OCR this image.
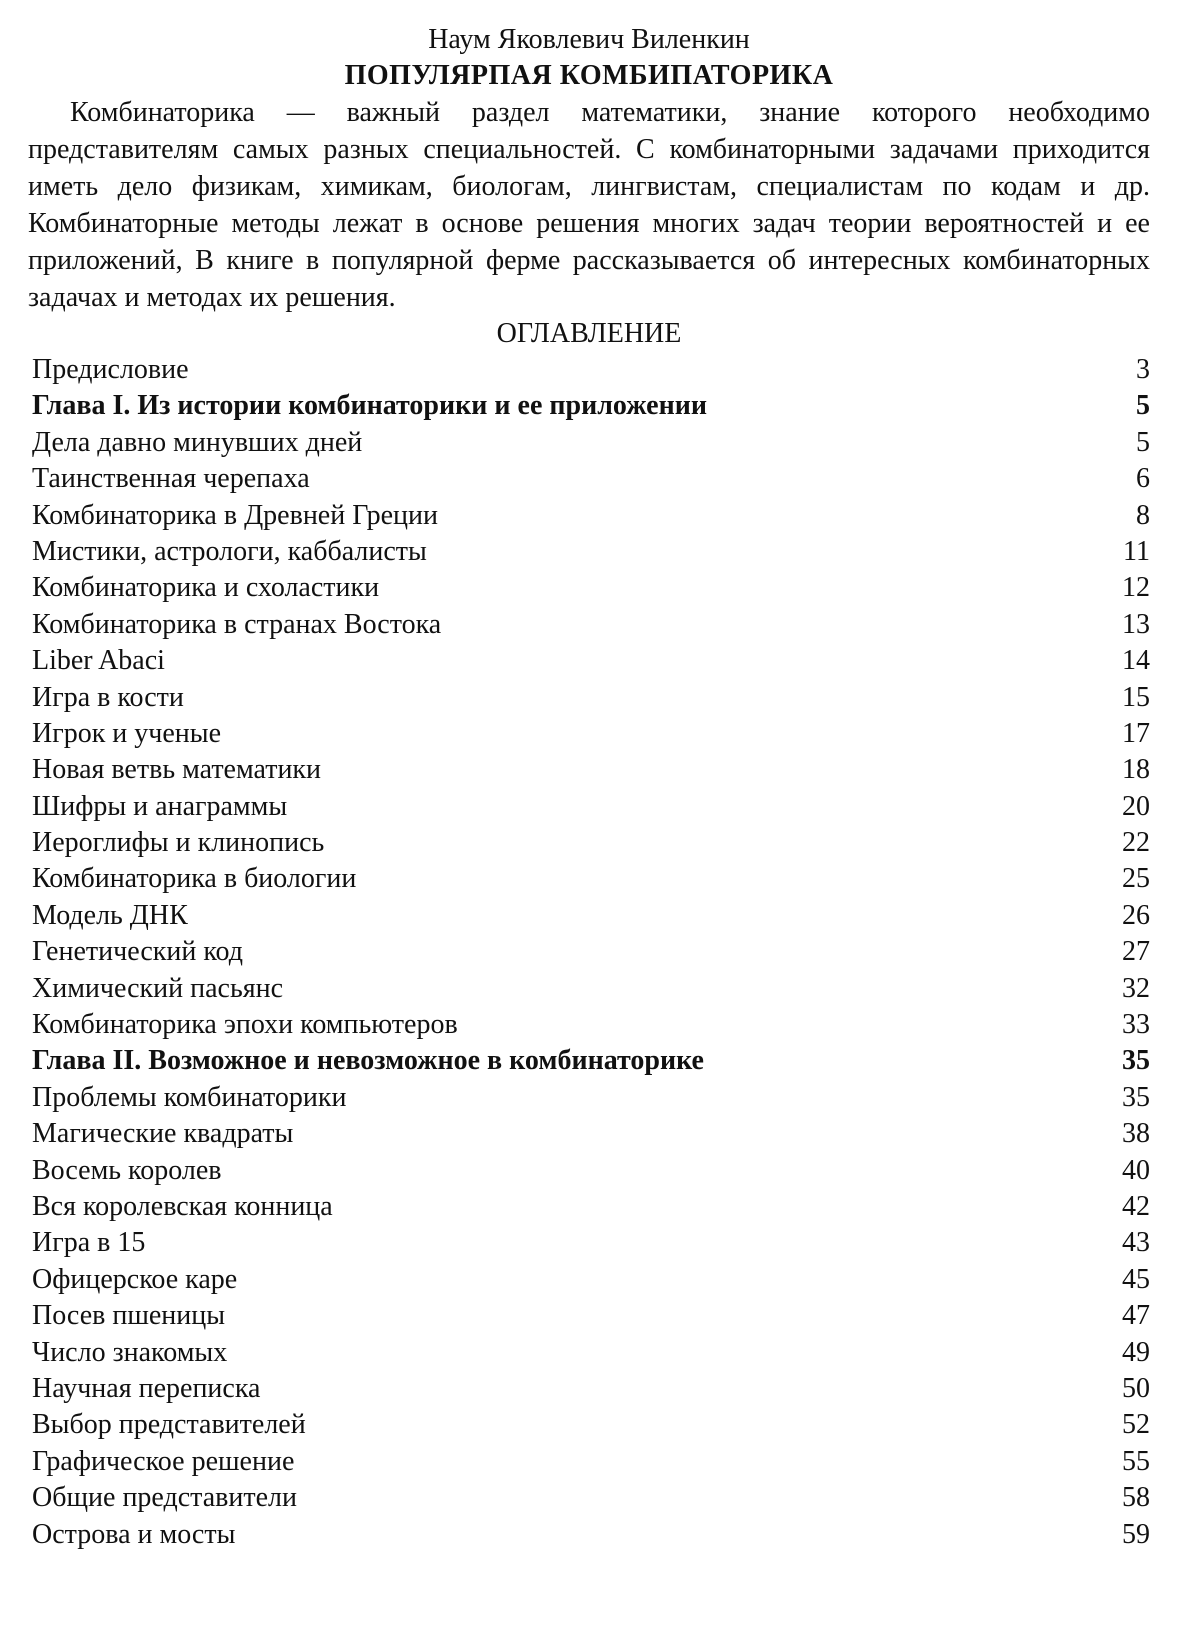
Наум Яковлевич Виленкин

ПОПУЛЯРПАЯ КОМБИПАТОРИКА

Комбинаторика — важный раздел математики, знание которого необходимо представителям самых разных специальностей. С комбинаторными задачами приходится иметь дело физикам, химикам, биологам, лингвистам, специалистам по кодам и др. Комбинаторные методы лежат в основе решения многих задач теории вероятностей и ее приложений, В книге в популярной ферме рассказывается об интересных комбинаторных задачах и методах их решения.

ОГЛАВЛЕНИЕ
Предисловие	3
Глава I. Из истории комбинаторики и ее приложении	5
Дела давно минувших дней	5
Таинственная черепаха	6
Комбинаторика в Древней Греции	8
Мистики, астрологи, каббалисты	11
Комбинаторика и схоластики	12
Комбинаторика в странах Востока	13
Liber Abaci	14
Игра в кости	15
Игрок и ученые	17
Новая ветвь математики	18
Шифры и анаграммы	20
Иероглифы и клинопись	22
Комбинаторика в биологии	25
Модель ДНК	26
Генетический код	27
Химический пасьянс	32
Комбинаторика эпохи компьютеров	33
Глава II. Возможное и невозможное в комбинаторике	35
Проблемы комбинаторики	35
Магические квадраты	38
Восемь королев	40
Вся королевская конница	42
Игра в 15	43
Офицерское каре	45
Посев пшеницы	47
Число знакомых	49
Научная переписка	50
Выбор представителей	52
Графическое решение	55
Общие представители	58
Острова и мосты	59
